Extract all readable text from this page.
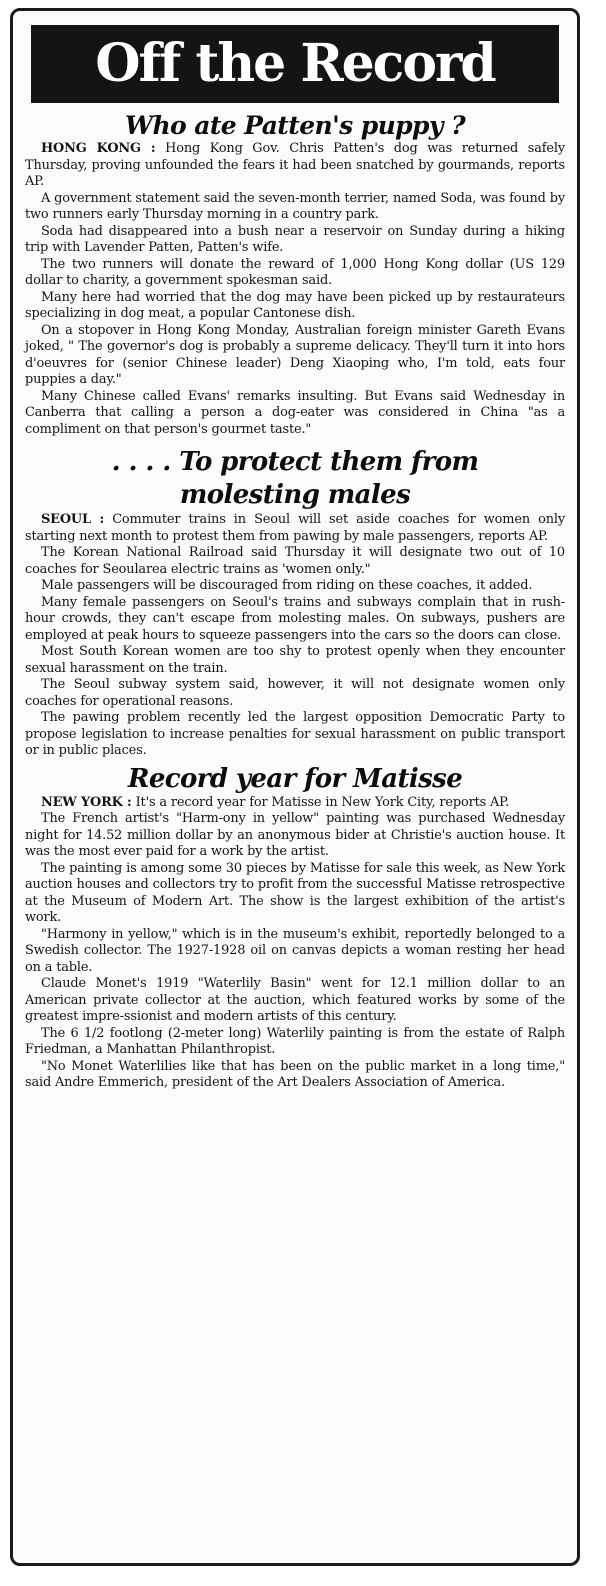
Off the Record
Who ate Patten's puppy ?

HONG KONG : Hong Kong Gov. Chris Patten's dog was returned safely Thursday, proving unfounded the fears it had been snatched by gourmands, reports AP.

A government statement said the seven-month terrier, named Soda, was found by two runners early Thursday morning in a country park.

Soda had disappeared into a bush near a reservoir on Sunday during a hiking trip with Lavender Patten, Patten's wife.

The two runners will donate the reward of 1,000 Hong Kong dollar (US 129 dollar to charity, a government spokesman said.

Many here had worried that the dog may have been picked up by restaurateurs specializing in dog meat, a popular Cantonese dish.

On a stopover in Hong Kong Monday, Australian foreign minister Gareth Evans joked, " The governor's dog is probably a supreme delicacy. They'll turn it into hors d'oeuvres for (senior Chinese leader) Deng Xiaoping who, I'm told, eats four puppies a day."

Many Chinese called Evans' remarks insulting. But Evans said Wednesday in Canberra that calling a person a dog-eater was considered in China "as a compliment on that person's gourmet taste."

. . . . To protect them from
molesting males

SEOUL : Commuter trains in Seoul will set aside coaches for women only starting next month to protest them from pawing by male passengers, reports AP.

The Korean National Railroad said Thursday it will designate two out of 10 coaches for Seoularea electric trains as 'women only."

Male passengers will be discouraged from riding on these coaches, it added.

Many female passengers on Seoul's trains and subways complain that in rush-hour crowds, they can't escape from molesting males. On subways, pushers are employed at peak hours to squeeze passengers into the cars so the doors can close.

Most South Korean women are too shy to protest openly when they encounter sexual harassment on the train.

The Seoul subway system said, however, it will not designate women only coaches for operational reasons.

The pawing problem recently led the largest opposition Democratic Party to propose legislation to increase penalties for sexual harassment on public transport or in public places.

Record year for Matisse

NEW YORK : It's a record year for Matisse in New York City, reports AP.

The French artist's "Harm-ony in yellow" painting was purchased Wednesday night for 14.52 million dollar by an anonymous bider at Christie's auction house. It was the most ever paid for a work by the artist.

The painting is among some 30 pieces by Matisse for sale this week, as New York auction houses and collectors try to profit from the successful Matisse retrospective at the Museum of Modern Art. The show is the largest exhibition of the artist's work.

"Harmony in yellow," which is in the museum's exhibit, reportedly belonged to a Swedish collector. The 1927-1928 oil on canvas depicts a woman resting her head on a table.

Claude Monet's 1919 "Waterlily Basin" went for 12.1 million dollar to an American private collector at the auction, which featured works by some of the greatest impre-ssionist and modern artists of this century.

The 6 1/2 footlong (2-meter long) Waterlily painting is from the estate of Ralph Friedman, a Manhattan Philanthropist.

"No Monet Waterlilies like that has been on the public market in a long time," said Andre Emmerich, president of the Art Dealers Association of America.
